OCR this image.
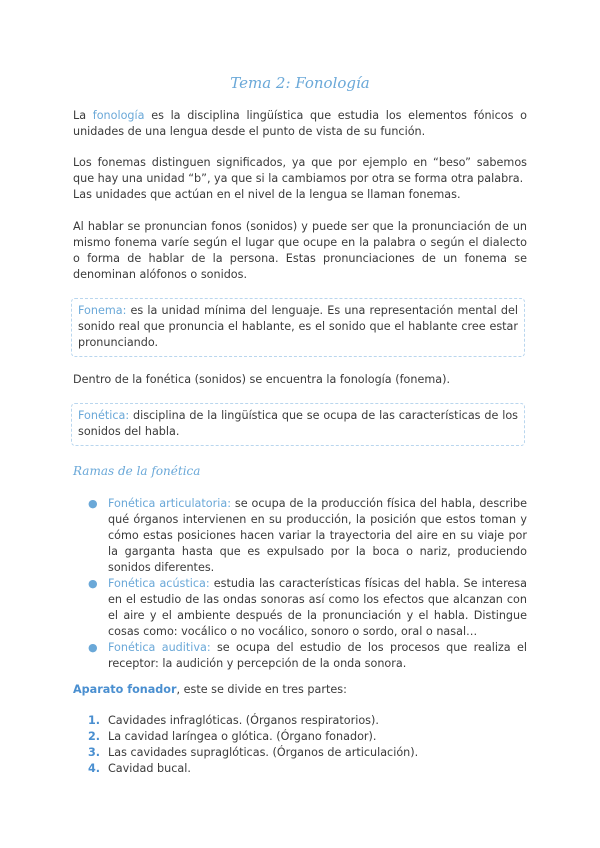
Tema 2: Fonología

La fonología es la disciplina lingüística que estudia los elementos fónicos o unidades de una lengua desde el punto de vista de su función.

Los fonemas distinguen significados, ya que por ejemplo en “beso” sabemos que hay una unidad “b”, ya que si la cambiamos por otra se forma otra palabra.
Las unidades que actúan en el nivel de la lengua se llaman fonemas.

Al hablar se pronuncian fonos (sonidos) y puede ser que la pronunciación de un mismo fonema varíe según el lugar que ocupe en la palabra o según el dialecto o forma de hablar de la persona. Estas pronunciaciones de un fonema se denominan alófonos o sonidos.

Fonema: es la unidad mínima del lenguaje. Es una representación mental del sonido real que pronuncia el hablante, es el sonido que el hablante cree estar pronunciando.

Dentro de la fonética (sonidos) se encuentra la fonología (fonema).

Fonética: disciplina de la lingüística que se ocupa de las características de los sonidos del habla.
Ramas de la fonética
● Fonética articulatoria: se ocupa de la producción física del habla, describe qué órganos intervienen en su producción, la posición que estos toman y cómo estas posiciones hacen variar la trayectoria del aire en su viaje por la garganta hasta que es expulsado por la boca o nariz, produciendo sonidos diferentes.
● Fonética acústica: estudia las características físicas del habla. Se interesa en el estudio de las ondas sonoras así como los efectos que alcanzan con el aire y el ambiente después de la pronunciación y el habla. Distingue cosas como: vocálico o no vocálico, sonoro o sordo, oral o nasal…
● Fonética auditiva: se ocupa del estudio de los procesos que realiza el receptor: la audición y percepción de la onda sonora.

Aparato fonador, este se divide en tres partes:

1. Cavidades infraglóticas. (Órganos respiratorios).
2. La cavidad laríngea o glótica. (Órgano fonador).
3. Las cavidades supraglóticas. (Órganos de articulación).
4. Cavidad bucal.
